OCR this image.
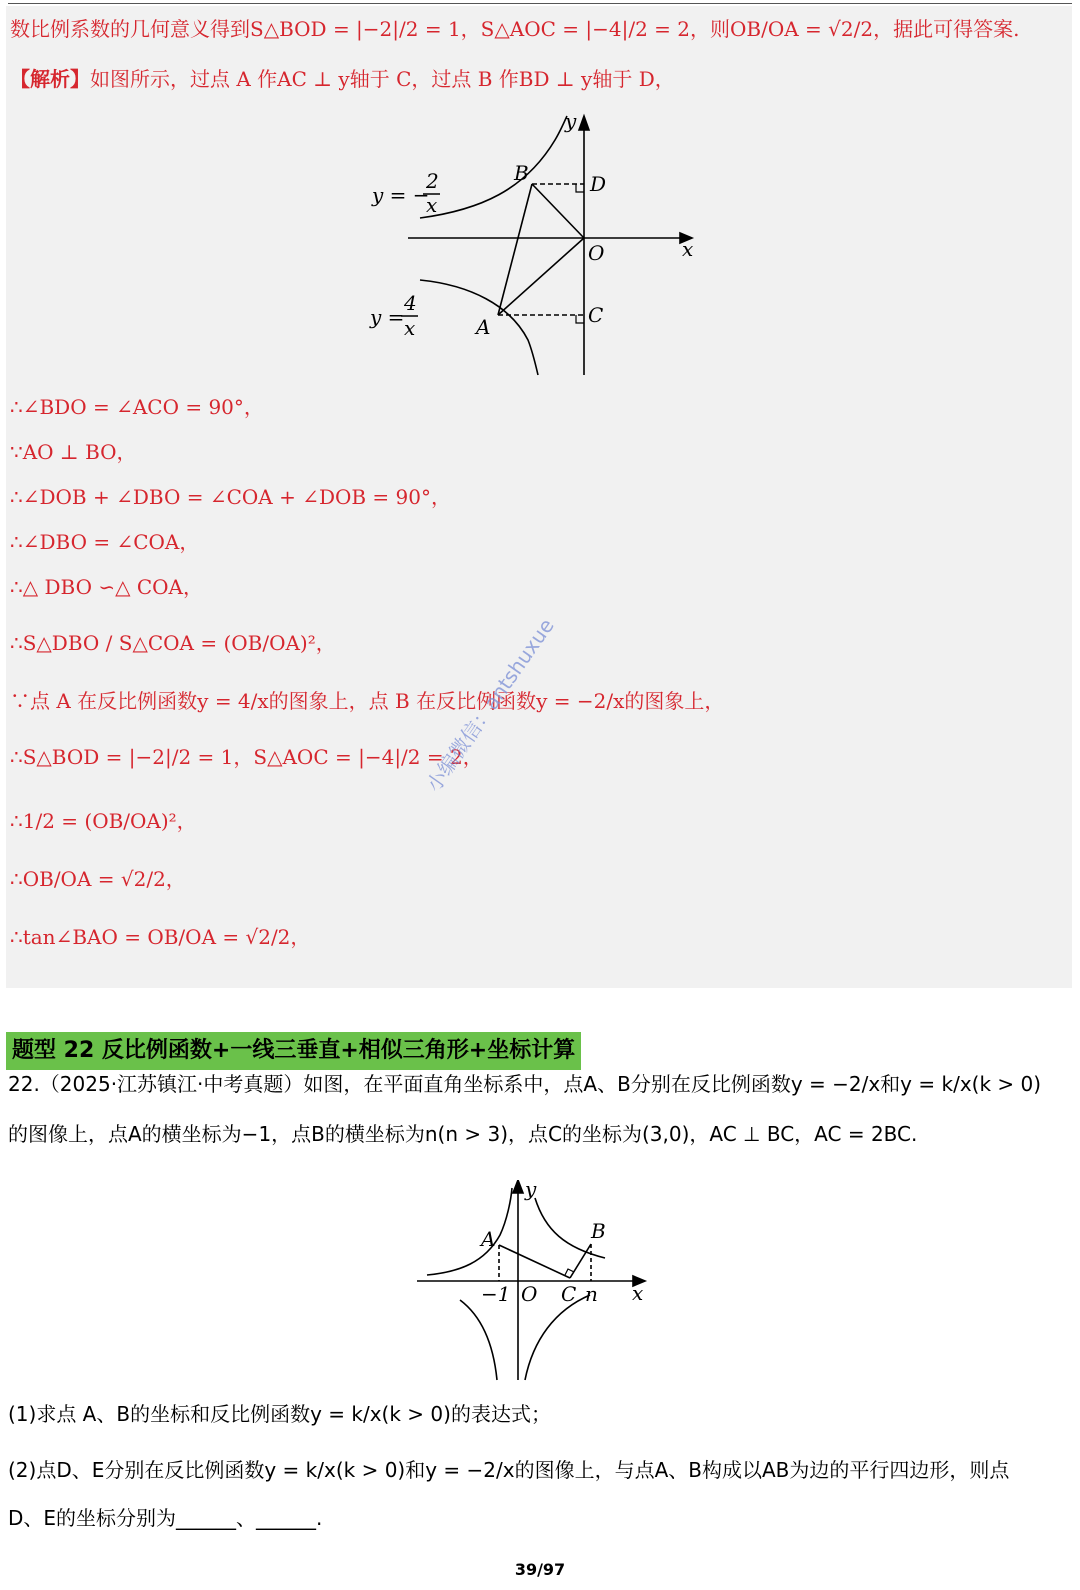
数比例系数的几何意义得到S△BOD = |−2|/2 = 1，S△AOC = |−4|/2 = 2，则OB/OA = √2/2，据此可得答案.
【解析】如图所示，过点 A 作AC ⊥ y轴于 C，过点 B 作BD ⊥ y轴于 D，
y
x
O
B	D
A	C
y = −
2
x
y =
4
x
∴∠BDO = ∠ACO = 90°，
∵AO ⊥ BO，
∴∠DOB + ∠DBO = ∠COA + ∠DOB = 90°，
∴∠DBO = ∠COA，
∴△ DBO ∽△ COA，
∴S△DBO / S△COA = (OB/OA)²，
∵点 A 在反比例函数y = 4/x的图象上，点 B 在反比例函数y = −2/x的图象上，
∴S△BOD = |−2|/2 = 1，S△AOC = |−4|/2 = 2，
∴1/2 = (OB/OA)²，
∴OB/OA = √2/2，
∴tan∠BAO = OB/OA = √2/2，
小编微信：antshuxue
题型 22 反比例函数+一线三垂直+相似三角形+坐标计算
22.（2025·江苏镇江·中考真题）如图，在平面直角坐标系中，点A、B分别在反比例函数y = −2/x和y = k/x(k > 0)
的图像上，点A的横坐标为−1，点B的横坐标为n(n > 3)，点C的坐标为(3,0)，AC ⊥ BC，AC = 2BC.
y
x
O
A	B
C n
−1
(1)求点 A、B的坐标和反比例函数y = k/x(k > 0)的表达式；
(2)点D、E分别在反比例函数y = k/x(k > 0)和y = −2/x的图像上，与点A、B构成以AB为边的平行四边形，则点
D、E的坐标分别为______、______.
39/97
